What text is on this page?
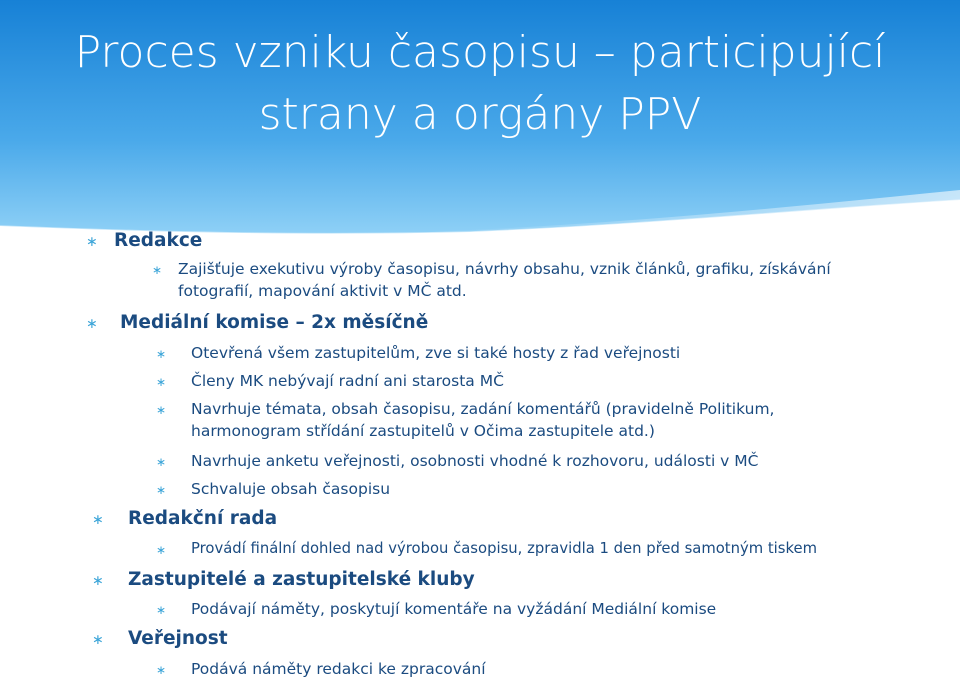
Proces vzniku časopisu – participující
strany a orgány PPV
∗ Redakce
∗ Zajišťuje exekutivu výroby časopisu, návrhy obsahu, vznik článků, grafiku, získávání
fotografií, mapování aktivit v MČ atd.
∗ Mediální komise – 2x měsíčně
∗ Otevřená všem zastupitelům, zve si také hosty z řad veřejnosti
∗ Členy MK nebývají radní ani starosta MČ
∗ Navrhuje témata, obsah časopisu, zadání komentářů (pravidelně Politikum,
harmonogram střídání zastupitelů v Očima zastupitele atd.)
∗ Navrhuje anketu veřejnosti, osobnosti vhodné k rozhovoru, události v MČ
∗ Schvaluje obsah časopisu
∗ Redakční rada
∗ Provádí finální dohled nad výrobou časopisu, zpravidla 1 den před samotným tiskem
∗ Zastupitelé a zastupitelské kluby
∗ Podávají náměty, poskytují komentáře na vyžádání Mediální komise
∗ Veřejnost
∗ Podává náměty redakci ke zpracování
